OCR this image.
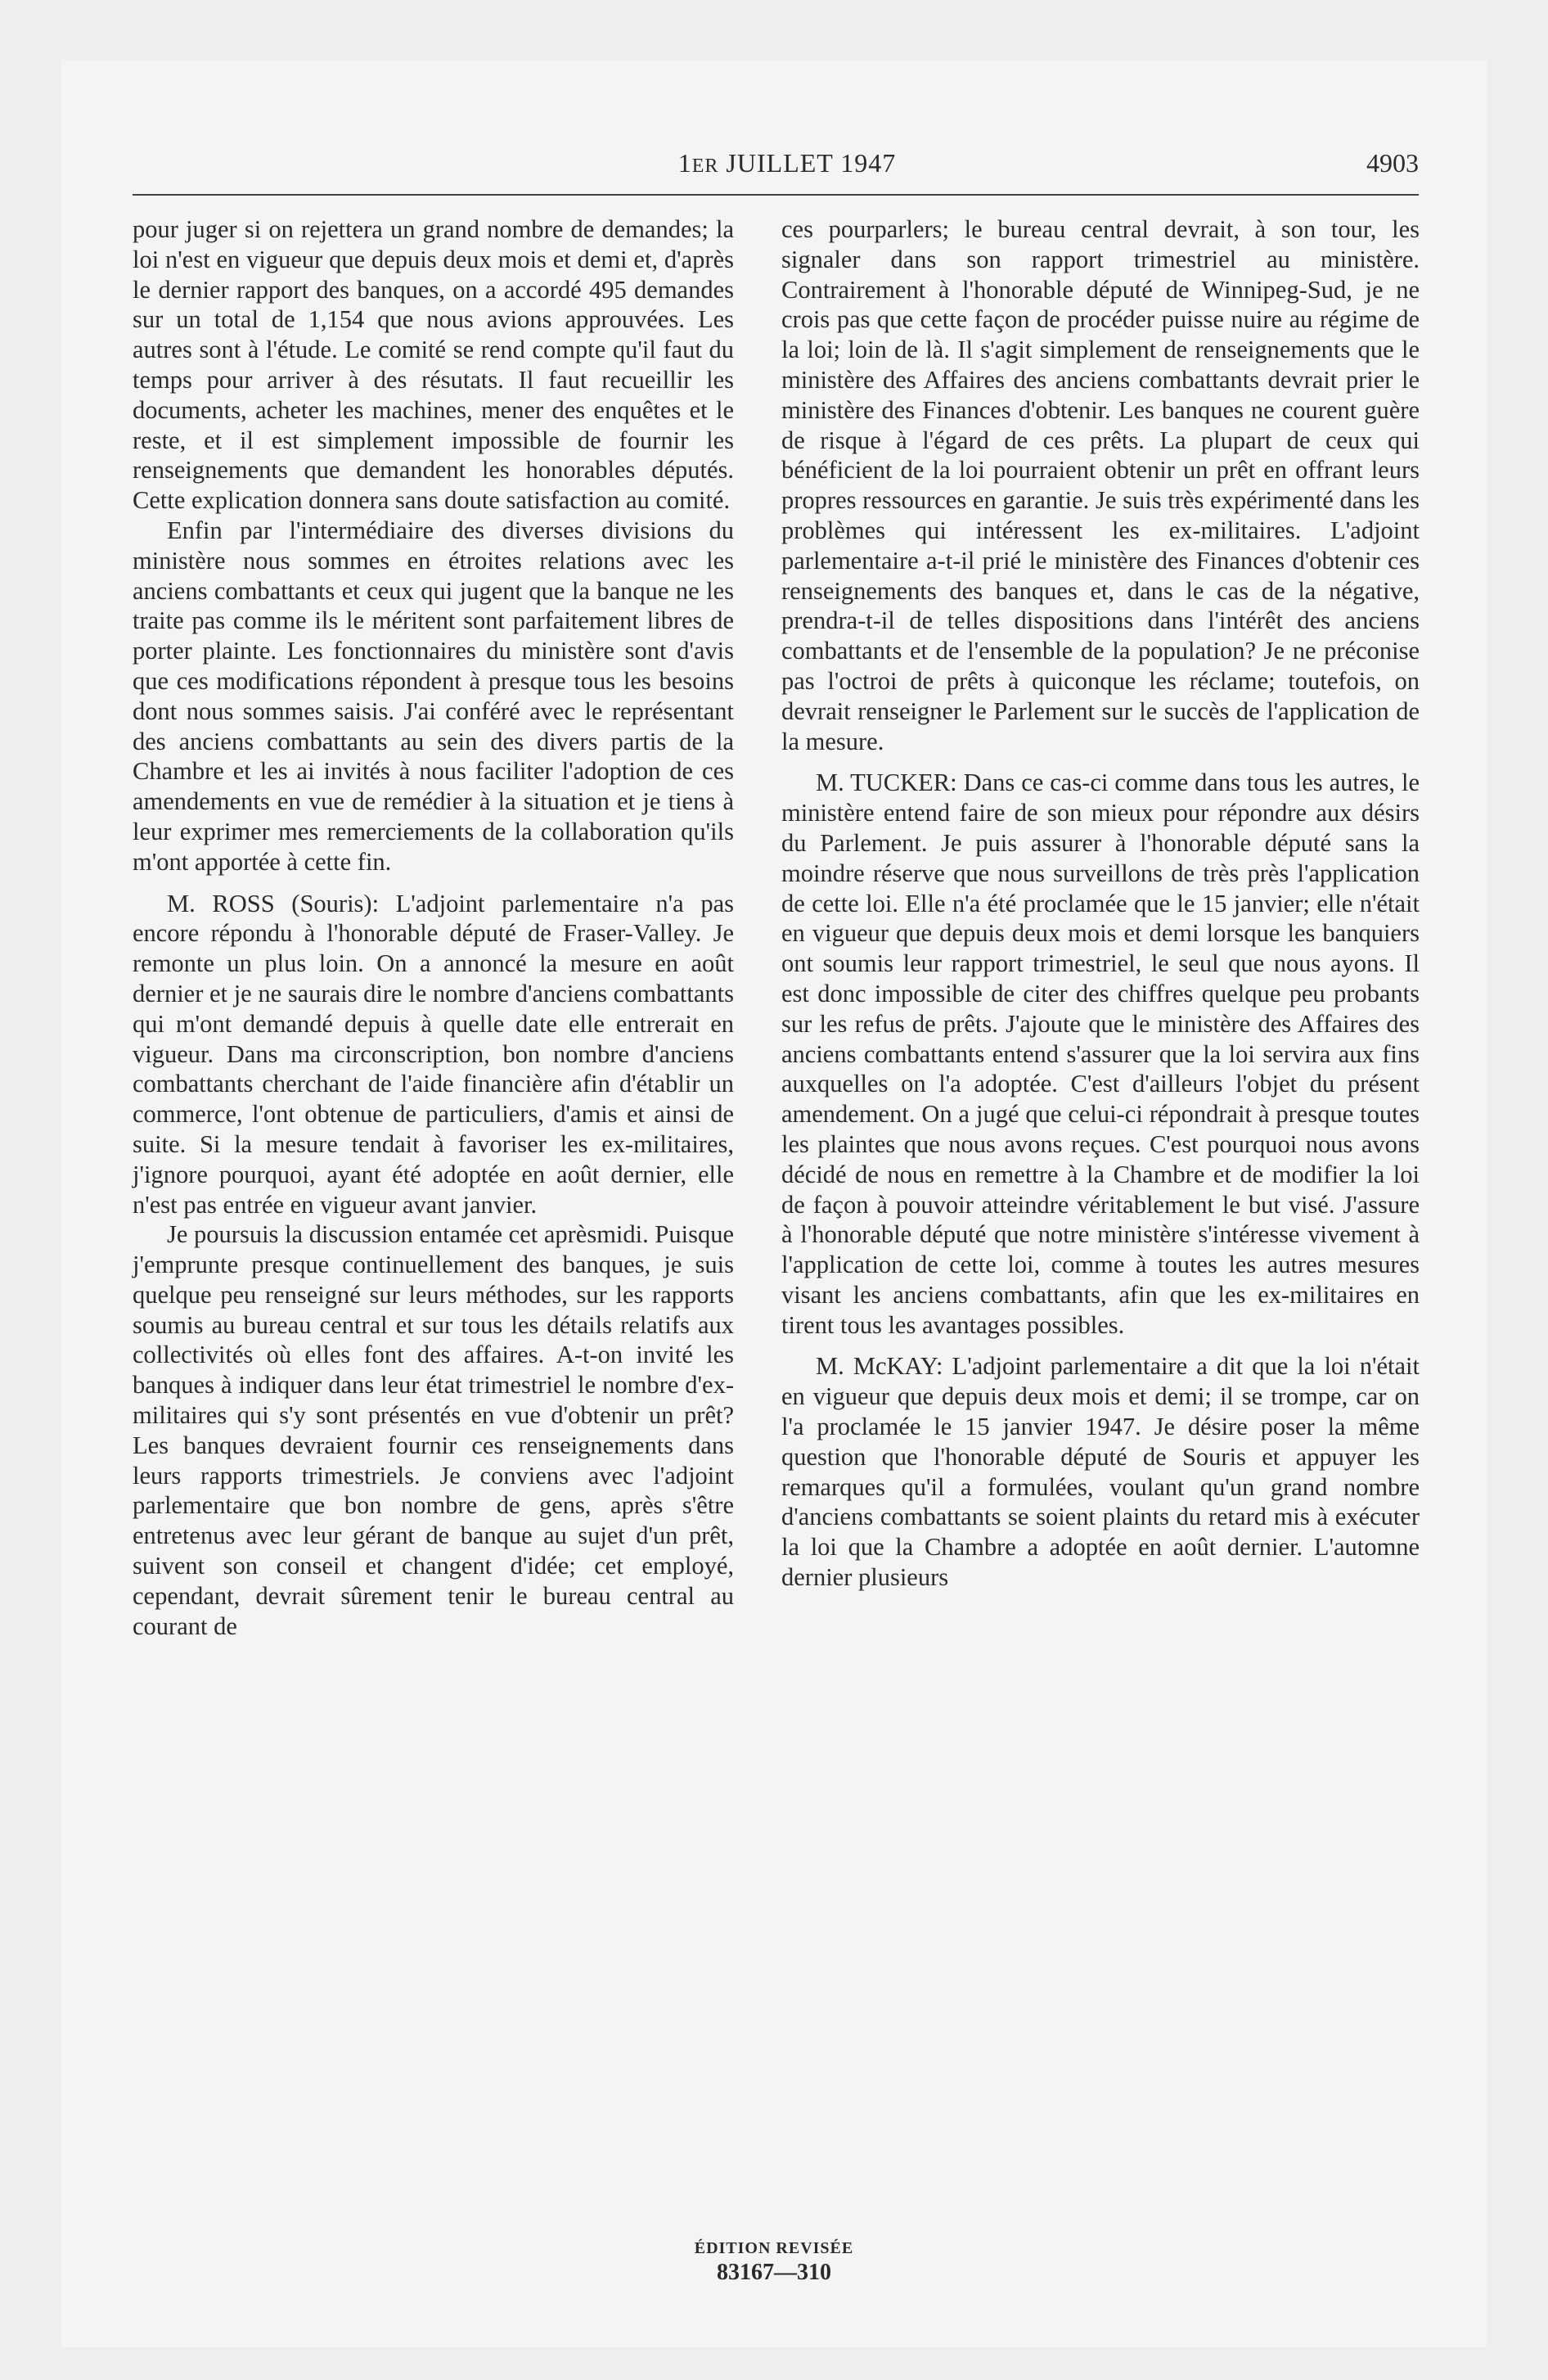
1ER JUILLET 1947	4903

pour juger si on rejettera un grand nombre de demandes; la loi n'est en vigueur que depuis deux mois et demi et, d'après le dernier rapport des banques, on a accordé 495 demandes sur un total de 1,154 que nous avions approuvées. Les autres sont à l'étude. Le comité se rend compte qu'il faut du temps pour arriver à des résutats. Il faut recueillir les documents, acheter les machines, mener des enquêtes et le reste, et il est simplement impossible de fournir les renseignements que demandent les honorables députés. Cette explication donnera sans doute satisfaction au comité.

Enfin par l'intermédiaire des diverses divisions du ministère nous sommes en étroites relations avec les anciens combattants et ceux qui jugent que la banque ne les traite pas comme ils le méritent sont parfaitement libres de porter plainte. Les fonctionnaires du ministère sont d'avis que ces modifications répondent à presque tous les besoins dont nous sommes saisis. J'ai conféré avec le représentant des anciens combattants au sein des divers partis de la Chambre et les ai invités à nous faciliter l'adoption de ces amendements en vue de remédier à la situation et je tiens à leur exprimer mes remerciements de la collaboration qu'ils m'ont apportée à cette fin.

M. ROSS (Souris): L'adjoint parlementaire n'a pas encore répondu à l'honorable député de Fraser-Valley. Je remonte un plus loin. On a annoncé la mesure en août dernier et je ne saurais dire le nombre d'anciens combattants qui m'ont demandé depuis à quelle date elle entrerait en vigueur. Dans ma circonscription, bon nombre d'anciens combattants cherchant de l'aide financière afin d'établir un commerce, l'ont obtenue de particuliers, d'amis et ainsi de suite. Si la mesure tendait à favoriser les ex-militaires, j'ignore pourquoi, ayant été adoptée en août dernier, elle n'est pas entrée en vigueur avant janvier.

Je poursuis la discussion entamée cet aprèsmidi. Puisque j'emprunte presque continuellement des banques, je suis quelque peu renseigné sur leurs méthodes, sur les rapports soumis au bureau central et sur tous les détails relatifs aux collectivités où elles font des affaires. A-t-on invité les banques à indiquer dans leur état trimestriel le nombre d'ex-militaires qui s'y sont présentés en vue d'obtenir un prêt? Les banques devraient fournir ces renseignements dans leurs rapports trimestriels. Je conviens avec l'adjoint parlementaire que bon nombre de gens, après s'être entretenus avec leur gérant de banque au sujet d'un prêt, suivent son conseil et changent d'idée; cet employé, cependant, devrait sûrement tenir le bureau central au courant de

ces pourparlers; le bureau central devrait, à son tour, les signaler dans son rapport trimestriel au ministère. Contrairement à l'honorable député de Winnipeg-Sud, je ne crois pas que cette façon de procéder puisse nuire au régime de la loi; loin de là. Il s'agit simplement de renseignements que le ministère des Affaires des anciens combattants devrait prier le ministère des Finances d'obtenir. Les banques ne courent guère de risque à l'égard de ces prêts. La plupart de ceux qui bénéficient de la loi pourraient obtenir un prêt en offrant leurs propres ressources en garantie. Je suis très expérimenté dans les problèmes qui intéressent les ex-militaires. L'adjoint parlementaire a-t-il prié le ministère des Finances d'obtenir ces renseignements des banques et, dans le cas de la négative, prendra-t-il de telles dispositions dans l'intérêt des anciens combattants et de l'ensemble de la population? Je ne préconise pas l'octroi de prêts à quiconque les réclame; toutefois, on devrait renseigner le Parlement sur le succès de l'application de la mesure.

M. TUCKER: Dans ce cas-ci comme dans tous les autres, le ministère entend faire de son mieux pour répondre aux désirs du Parlement. Je puis assurer à l'honorable député sans la moindre réserve que nous surveillons de très près l'application de cette loi. Elle n'a été proclamée que le 15 janvier; elle n'était en vigueur que depuis deux mois et demi lorsque les banquiers ont soumis leur rapport trimestriel, le seul que nous ayons. Il est donc impossible de citer des chiffres quelque peu probants sur les refus de prêts. J'ajoute que le ministère des Affaires des anciens combattants entend s'assurer que la loi servira aux fins auxquelles on l'a adoptée. C'est d'ailleurs l'objet du présent amendement. On a jugé que celui-ci répondrait à presque toutes les plaintes que nous avons reçues. C'est pourquoi nous avons décidé de nous en remettre à la Chambre et de modifier la loi de façon à pouvoir atteindre véritablement le but visé. J'assure à l'honorable député que notre ministère s'intéresse vivement à l'application de cette loi, comme à toutes les autres mesures visant les anciens combattants, afin que les ex-militaires en tirent tous les avantages possibles.

M. McKAY: L'adjoint parlementaire a dit que la loi n'était en vigueur que depuis deux mois et demi; il se trompe, car on l'a proclamée le 15 janvier 1947. Je désire poser la même question que l'honorable député de Souris et appuyer les remarques qu'il a formulées, voulant qu'un grand nombre d'anciens combattants se soient plaints du retard mis à exécuter la loi que la Chambre a adoptée en août dernier. L'automne dernier plusieurs

ÉDITION REVISÉE
83167—310
